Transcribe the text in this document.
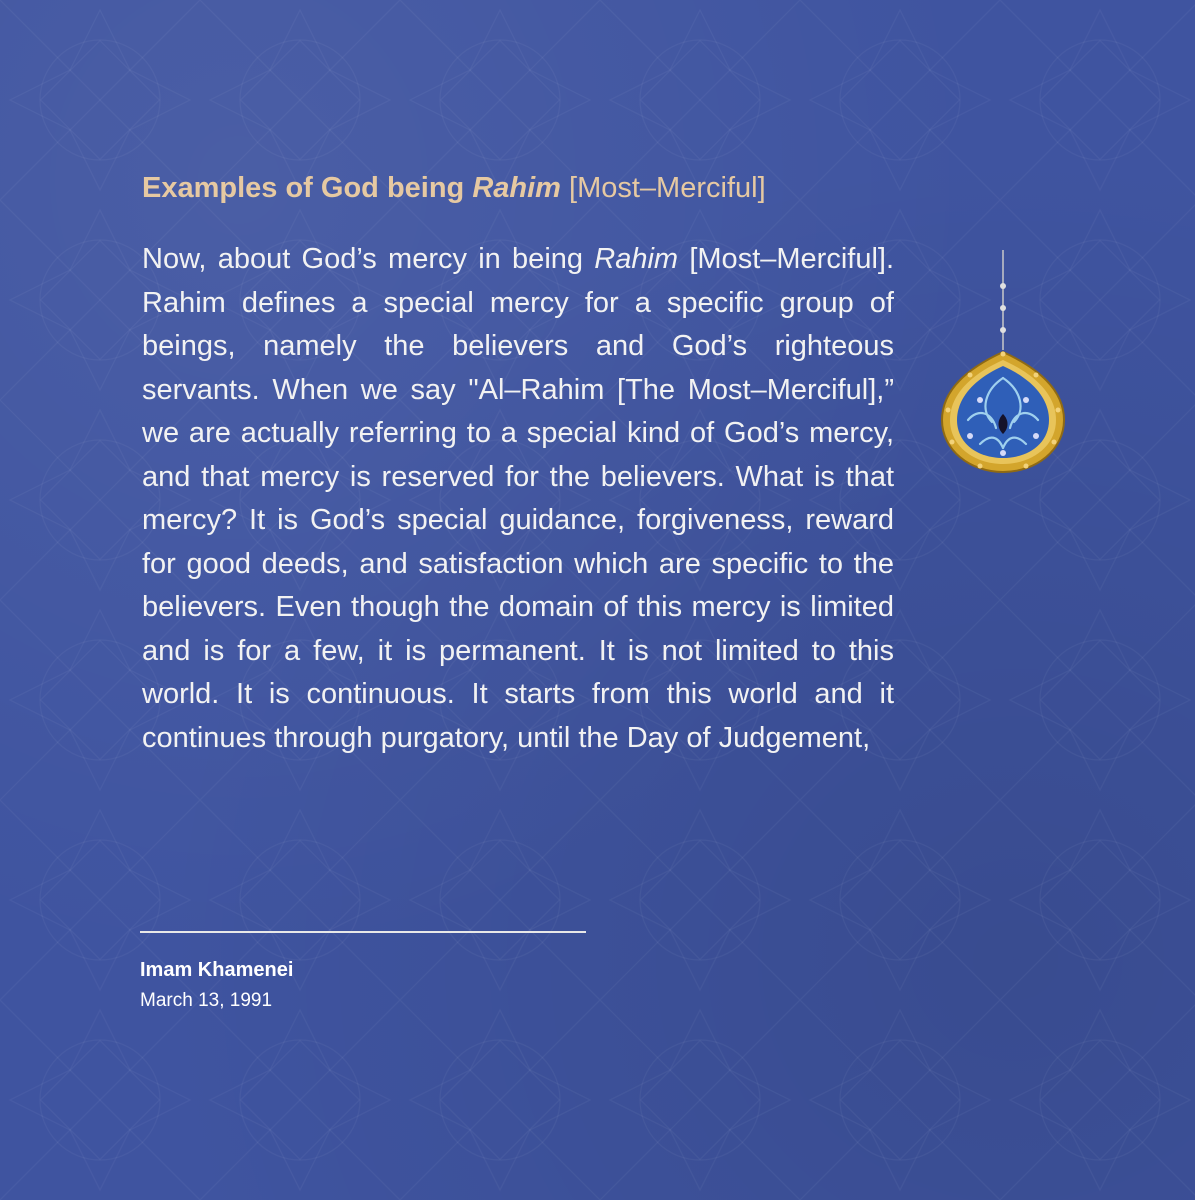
Examples of God being Rahim [Most–Merciful]

Now, about God’s mercy in being Rahim [Most–Merciful]. Rahim defines a special mercy for a specific group of beings, namely the believers and God’s righteous servants. When we say "Al–Rahim [The Most–Merciful],” we are actually referring to a special kind of God’s mercy, and that mercy is reserved for the believers. What is that mercy? It is God’s special guidance, forgiveness, reward for good deeds, and satisfaction which are specific to the believers. Even though the domain of this mercy is limited and is for a few, it is permanent. It is not limited to this world. It is continuous. It starts from this world and it continues through purgatory, until the Day of Judgement,

Imam Khamenei

March 13, 1991
